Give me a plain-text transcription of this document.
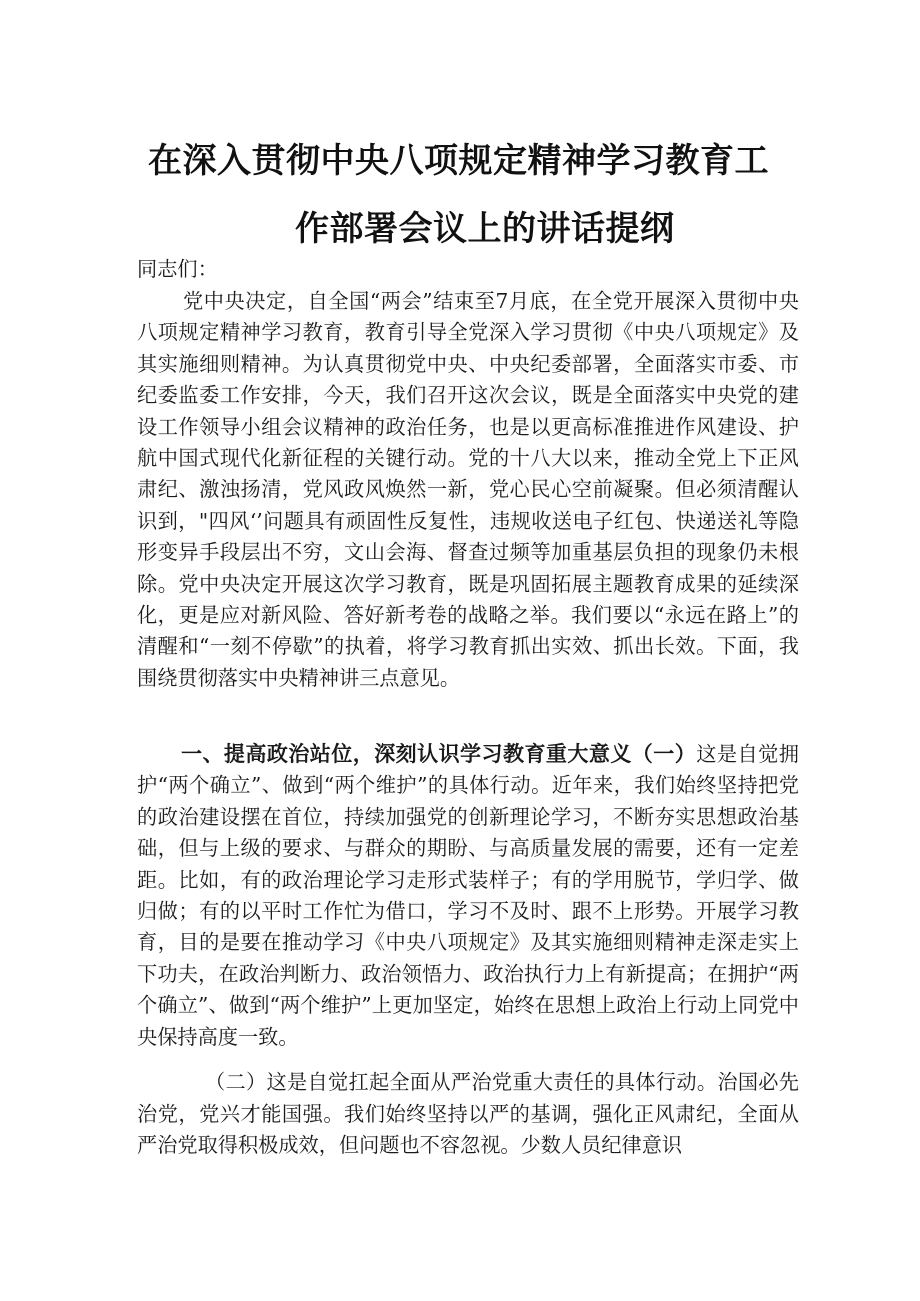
在深入贯彻中央八项规定精神学习教育工
作部署会议上的讲话提纲

同志们：

党中央决定，自全国“两会”结束至7月底，在全党开展深入贯彻中央八项规定精神学习教育，教育引导全党深入学习贯彻《中央八项规定》及其实施细则精神。为认真贯彻党中央、中央纪委部署，全面落实市委、市纪委监委工作安排，今天，我们召开这次会议，既是全面落实中央党的建设工作领导小组会议精神的政治任务，也是以更高标准推进作风建设、护航中国式现代化新征程的关键行动。党的十八大以来，推动全党上下正风肃纪、激浊扬清，党风政风焕然一新，党心民心空前凝聚。但必须清醒认识到，"四风‘’问题具有顽固性反复性，违规收送电子红包、快递送礼等隐形变异手段层出不穷，文山会海、督查过频等加重基层负担的现象仍未根除。党中央决定开展这次学习教育，既是巩固拓展主题教育成果的延续深化，更是应对新风险、答好新考卷的战略之举。我们要以“永远在路上”的清醒和“一刻不停歇”的执着，将学习教育抓出实效、抓出长效。下面，我围绕贯彻落实中央精神讲三点意见。

一、提高政治站位，深刻认识学习教育重大意义（一）这是自觉拥护“两个确立”、做到“两个维护”的具体行动。近年来，我们始终坚持把党的政治建设摆在首位，持续加强党的创新理论学习，不断夯实思想政治基础，但与上级的要求、与群众的期盼、与高质量发展的需要，还有一定差距。比如，有的政治理论学习走形式装样子；有的学用脱节，学归学、做归做；有的以平时工作忙为借口，学习不及时、跟不上形势。开展学习教育，目的是要在推动学习《中央八项规定》及其实施细则精神走深走实上下功夫，在政治判断力、政治领悟力、政治执行力上有新提高；在拥护“两个确立”、做到“两个维护”上更加坚定，始终在思想上政治上行动上同党中央保持高度一致。

（二）这是自觉扛起全面从严治党重大责任的具体行动。治国必先治党，党兴才能国强。我们始终坚持以严的基调，强化正风肃纪，全面从严治党取得积极成效，但问题也不容忽视。少数人员纪律意识
